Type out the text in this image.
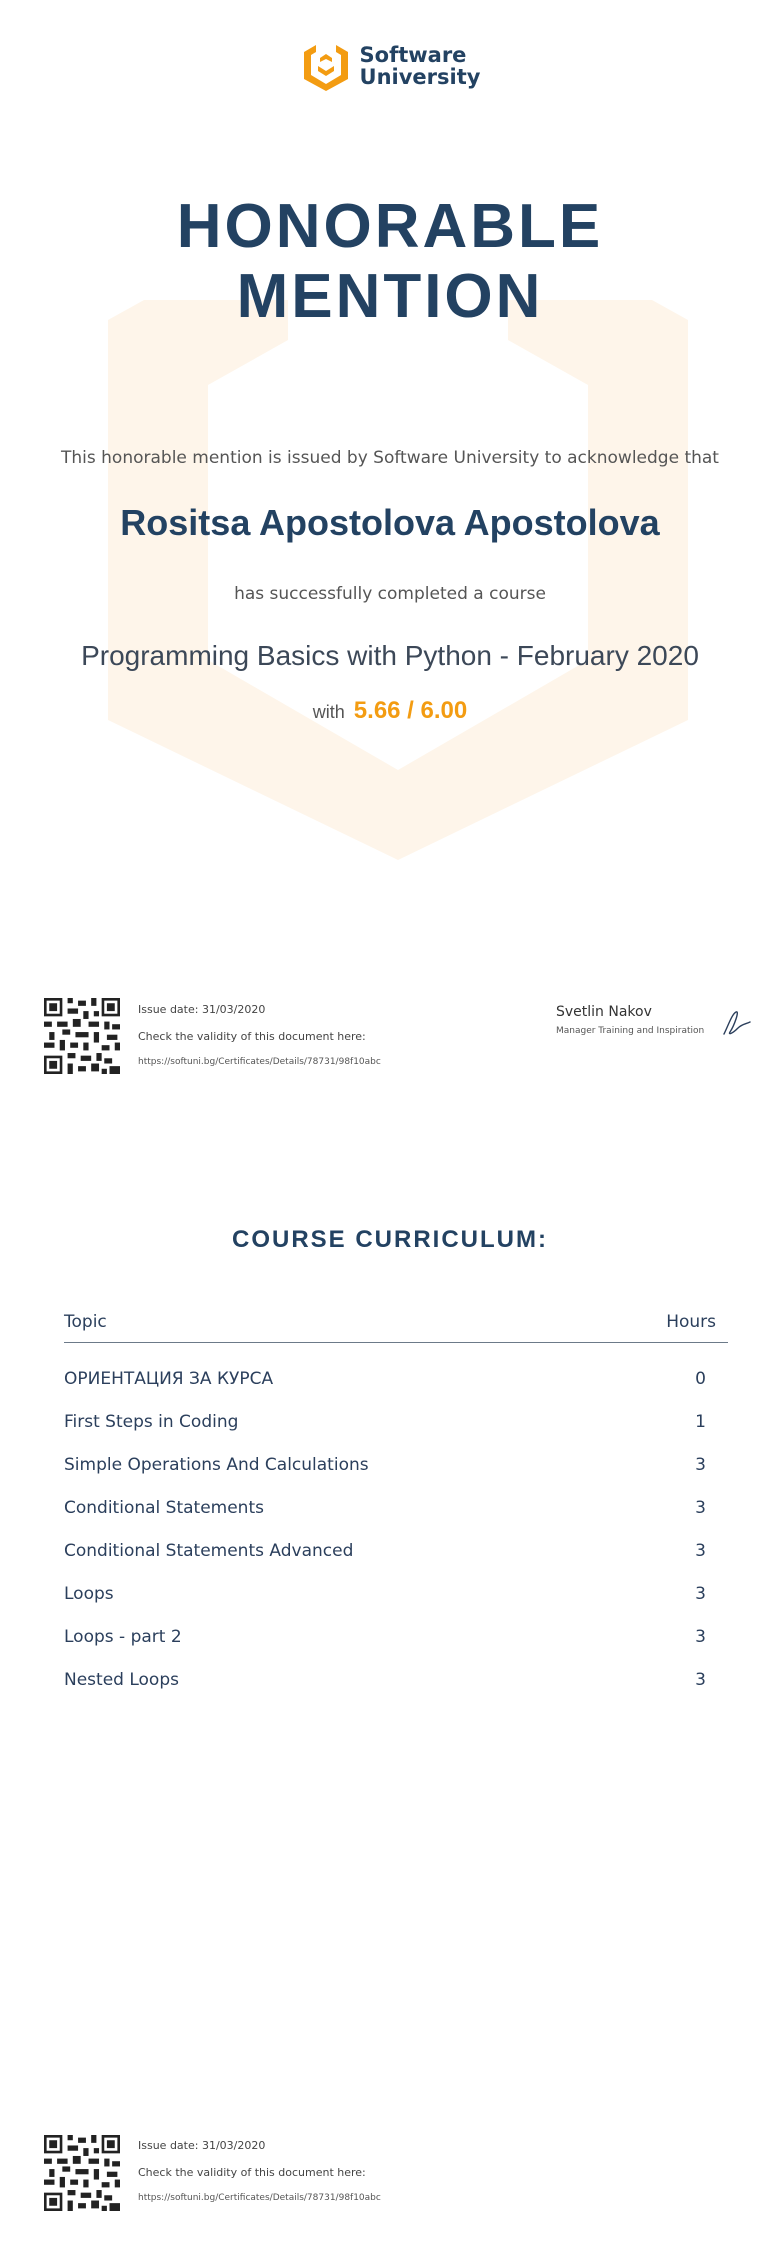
Software
University
HONORABLE
MENTION
This honorable mention is issued by Software University to acknowledge that
Rositsa Apostolova Apostolova
has successfully completed a course
Programming Basics with Python - February 2020
with 5.66 / 6.00
Issue date: 31/03/2020
Check the validity of this document here:
https://softuni.bg/Certificates/Details/78731/98f10abc
Svetlin Nakov
Manager Training and Inspiration
COURSE CURRICULUM:
Topic	Hours
ОРИЕНТАЦИЯ ЗА КУРСА	0
First Steps in Coding	1
Simple Operations And Calculations	3
Conditional Statements	3
Conditional Statements Advanced	3
Loops	3
Loops - part 2	3
Nested Loops	3
Issue date: 31/03/2020
Check the validity of this document here:
https://softuni.bg/Certificates/Details/78731/98f10abc
